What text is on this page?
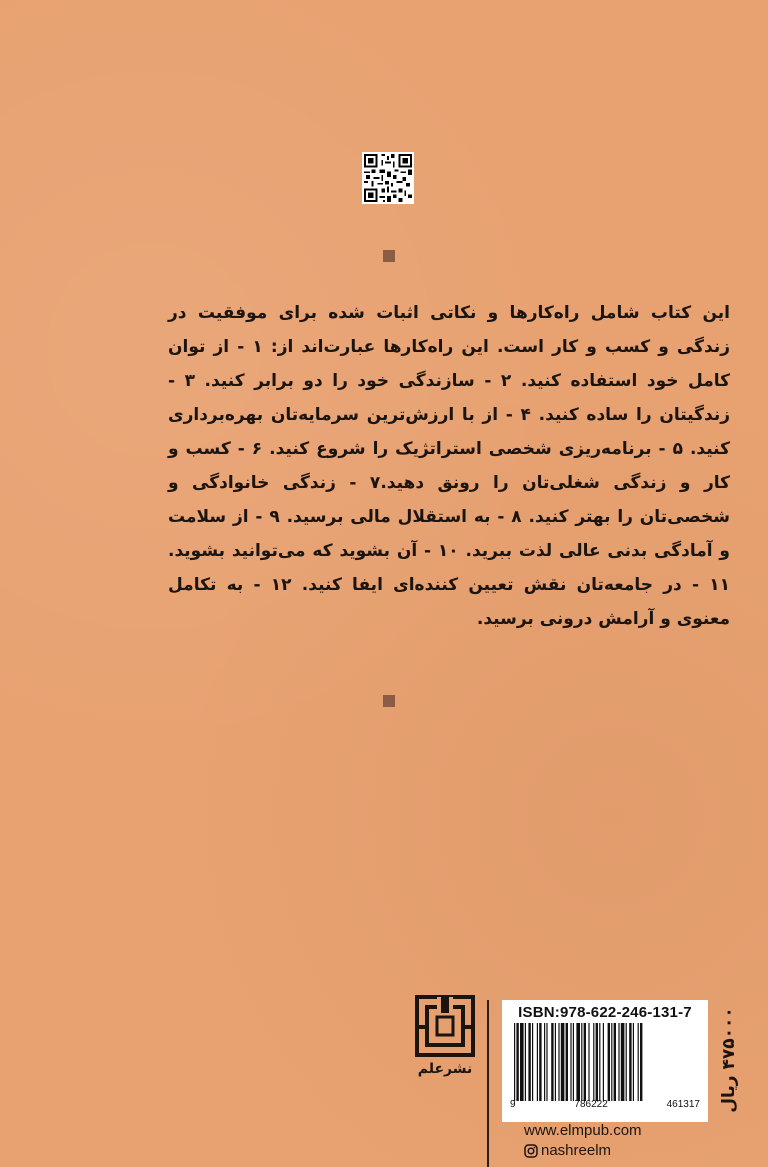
این کتاب شامل راه‌کارها و نکاتی اثبات شده برای موفقیت در زندگی و کسب و کار است. این راه‌کارها عبارت‌اند از: ۱ - از توان کامل خود استفاده کنید. ۲ - سازندگی خود را دو برابر کنید. ۳ - زندگیتان را ساده کنید. ۴ - از با ارزش‌ترین سرمایه‌تان بهره‌برداری کنید. ۵ - برنامه‌ریزی شخصی استراتژیک را شروع کنید. ۶ - کسب و کار و زندگی شغلی‌تان را رونق دهید.۷ - زندگی خانوادگی و شخصی‌تان را بهتر کنید. ۸ - به استقلال مالی برسید. ۹ - از سلامت و آمادگی بدنی عالی لذت ببرید. ۱۰ - آن بشوید که می‌توانید بشوید. ۱۱ - در جامعه‌تان نقش تعیین کننده‌ای ایفا کنید. ۱۲ - به تکامل معنوی و آرامش درونی برسید.

نشرعلم
ISBN:978-622-246-131-7
9	786222	461317
www.elmpub.com
nashreelm
۴۷۵۰۰۰ ریال
